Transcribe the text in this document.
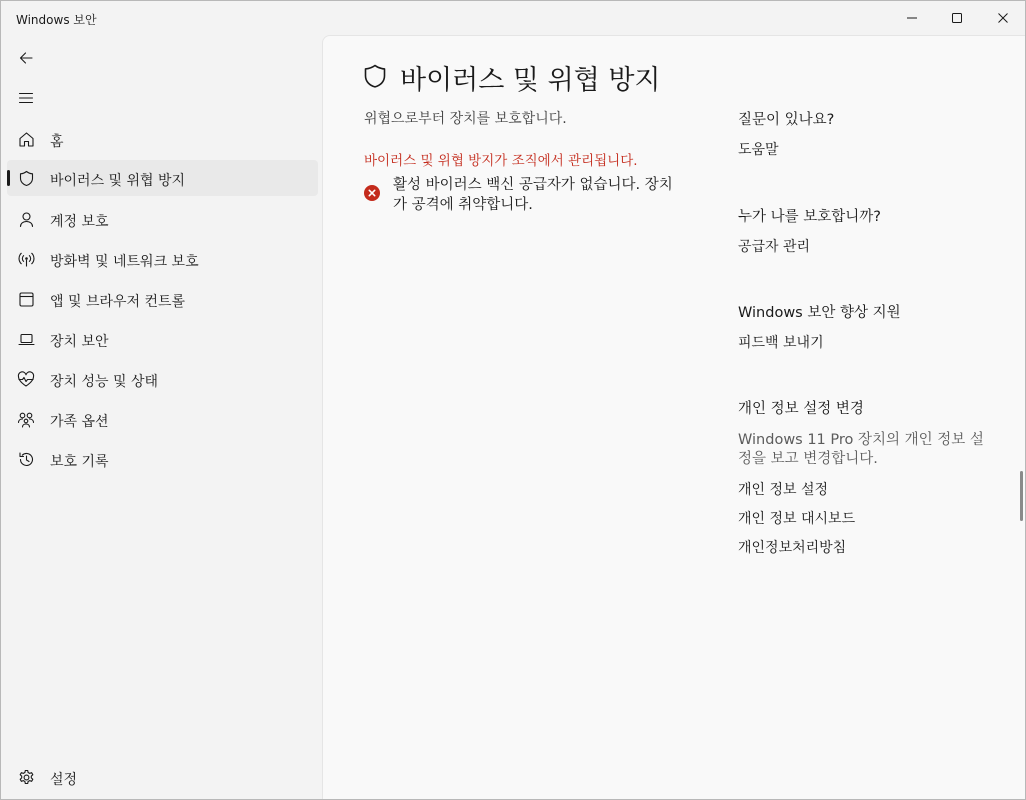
Windows 보안
홈
바이러스 및 위협 방지
계정 보호
방화벽 및 네트워크 보호
앱 및 브라우저 컨트롤
장치 보안
장치 성능 및 상태
가족 옵션
보호 기록
설정
바이러스 및 위협 방지

위협으로부터 장치를 보호합니다.

바이러스 및 위협 방지가 조직에서 관리됩니다.

활성 바이러스 백신 공급자가 없습니다. 장치가 공격에 취약합니다.

질문이 있나요?
도움말
누가 나를 보호합니까?
공급자 관리
Windows 보안 향상 지원
피드백 보내기
개인 정보 설정 변경

Windows 11 Pro 장치의 개인 정보 설정을 보고 변경합니다.

개인 정보 설정
개인 정보 대시보드
개인정보처리방침
